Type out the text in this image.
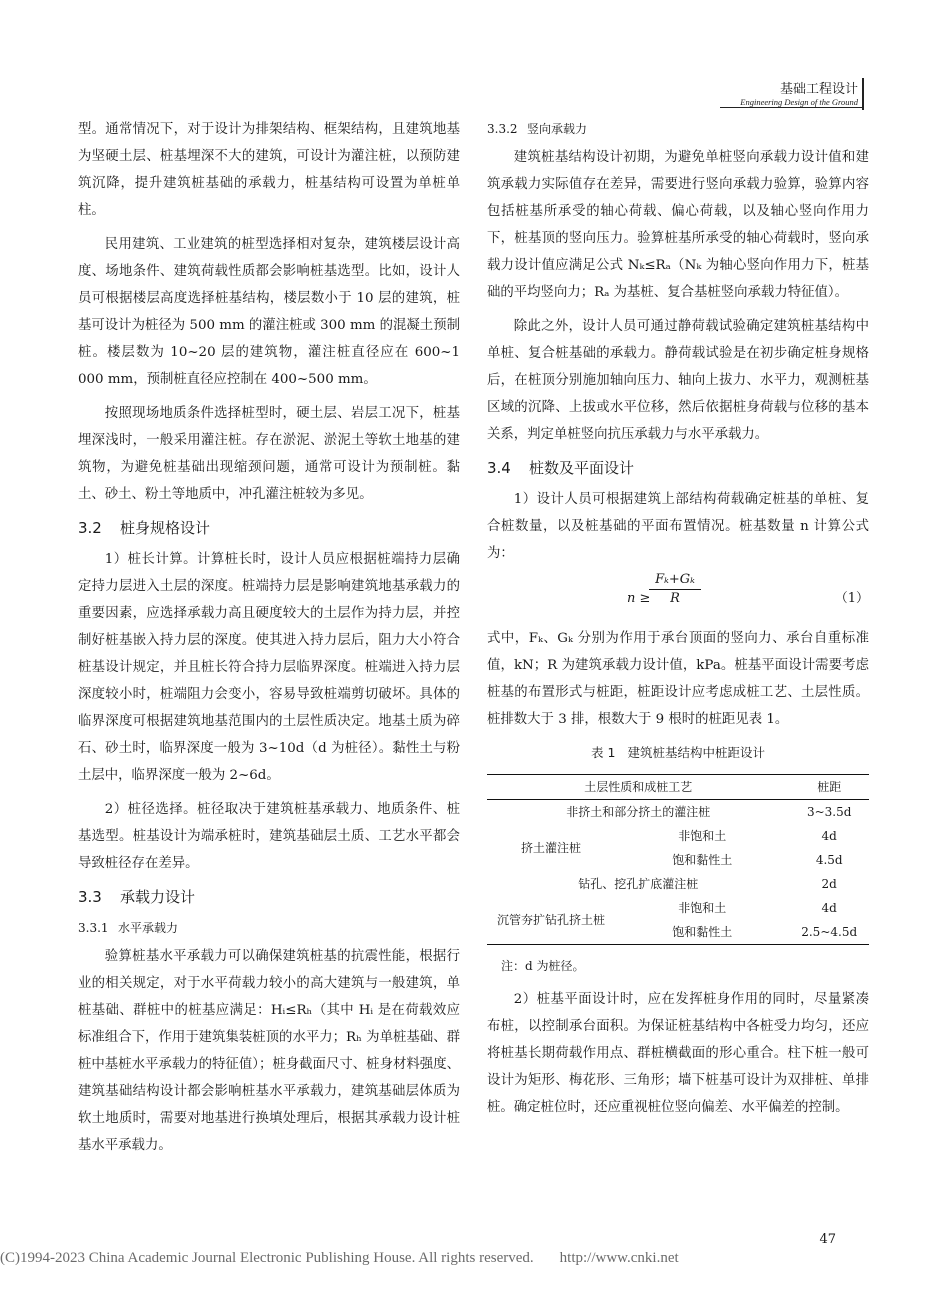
基础工程设计
Engineering Design of the Ground

型。通常情况下，对于设计为排架结构、框架结构，且建筑地基为坚硬土层、桩基埋深不大的建筑，可设计为灌注桩，以预防建筑沉降，提升建筑桩基础的承载力，桩基结构可设置为单桩单柱。

民用建筑、工业建筑的桩型选择相对复杂，建筑楼层设计高度、场地条件、建筑荷载性质都会影响桩基选型。比如，设计人员可根据楼层高度选择桩基结构，楼层数小于 10 层的建筑，桩基可设计为桩径为 500 mm 的灌注桩或 300 mm 的混凝土预制桩。楼层数为 10~20 层的建筑物，灌注桩直径应在 600~1 000 mm，预制桩直径应控制在 400~500 mm。

按照现场地质条件选择桩型时，硬土层、岩层工况下，桩基埋深浅时，一般采用灌注桩。存在淤泥、淤泥土等软土地基的建筑物，为避免桩基础出现缩颈问题，通常可设计为预制桩。黏土、砂土、粉土等地质中，冲孔灌注桩较为多见。

3.2 桩身规格设计

1）桩长计算。计算桩长时，设计人员应根据桩端持力层确定持力层进入土层的深度。桩端持力层是影响建筑地基承载力的重要因素，应选择承载力高且硬度较大的土层作为持力层，并控制好桩基嵌入持力层的深度。使其进入持力层后，阻力大小符合桩基设计规定，并且桩长符合持力层临界深度。桩端进入持力层深度较小时，桩端阻力会变小，容易导致桩端剪切破坏。具体的临界深度可根据建筑地基范围内的土层性质决定。地基土质为碎石、砂土时，临界深度一般为 3~10d（d 为桩径）。黏性土与粉土层中，临界深度一般为 2~6d。

2）桩径选择。桩径取决于建筑桩基承载力、地质条件、桩基选型。桩基设计为端承桩时，建筑基础层土质、工艺水平都会导致桩径存在差异。

3.3 承载力设计
3.3.1 水平承载力

验算桩基水平承载力可以确保建筑桩基的抗震性能，根据行业的相关规定，对于水平荷载力较小的高大建筑与一般建筑，单桩基础、群桩中的桩基应满足：Hᵢ≤Rₕ（其中 Hᵢ 是在荷载效应标准组合下，作用于建筑集装桩顶的水平力；Rₕ 为单桩基础、群桩中基桩水平承载力的特征值）；桩身截面尺寸、桩身材料强度、建筑基础结构设计都会影响桩基水平承载力，建筑基础层体质为软土地质时，需要对地基进行换填处理后，根据其承载力设计桩基水平承载力。

3.3.2 竖向承载力

建筑桩基结构设计初期，为避免单桩竖向承载力设计值和建筑承载力实际值存在差异，需要进行竖向承载力验算，验算内容包括桩基所承受的轴心荷载、偏心荷载，以及轴心竖向作用力下，桩基顶的竖向压力。验算桩基所承受的轴心荷载时，竖向承载力设计值应满足公式 Nₖ≤Rₐ（Nₖ 为轴心竖向作用力下，桩基础的平均竖向力；Rₐ 为基桩、复合基桩竖向承载力特征值）。

除此之外，设计人员可通过静荷载试验确定建筑桩基结构中单桩、复合桩基础的承载力。静荷载试验是在初步确定桩身规格后，在桩顶分别施加轴向压力、轴向上拔力、水平力，观测桩基区域的沉降、上拔或水平位移，然后依据桩身荷载与位移的基本关系，判定单桩竖向抗压承载力与水平承载力。

3.4 桩数及平面设计

1）设计人员可根据建筑上部结构荷载确定桩基的单桩、复合桩数量，以及桩基础的平面布置情况。桩基数量 n 计算公式为：

n ≥
$\frac{\text{Fₖ+Gₖ}}{R}$	（1）

式中，Fₖ、Gₖ 分别为作用于承台顶面的竖向力、承台自重标准值，kN；R 为建筑承载力设计值，kPa。桩基平面设计需要考虑桩基的布置形式与桩距，桩距设计应考虑成桩工艺、土层性质。桩排数大于 3 排，根数大于 9 根时的桩距见表 1。

表 1 建筑桩基结构中桩距设计
土层性质和成桩工艺		桩距
非挤土和部分挤土的灌注桩		3~3.5d
挤土灌注桩	非饱和土	4d
	饱和黏性土	4.5d
钻孔、挖孔扩底灌注桩		2d
沉管夯扩钻孔挤土桩	非饱和土	4d
	饱和黏性土	2.5~4.5d
注：d 为桩径。

2）桩基平面设计时，应在发挥桩身作用的同时，尽量紧凑布桩，以控制承台面积。为保证桩基结构中各桩受力均匀，还应将桩基长期荷载作用点、群桩横截面的形心重合。柱下桩一般可设计为矩形、梅花形、三角形；墙下桩基可设计为双排桩、单排桩。确定桩位时，还应重视桩位竖向偏差、水平偏差的控制。

47
(C)1994-2023 China Academic Journal Electronic Publishing House. All rights reserved. http://www.cnki.net
